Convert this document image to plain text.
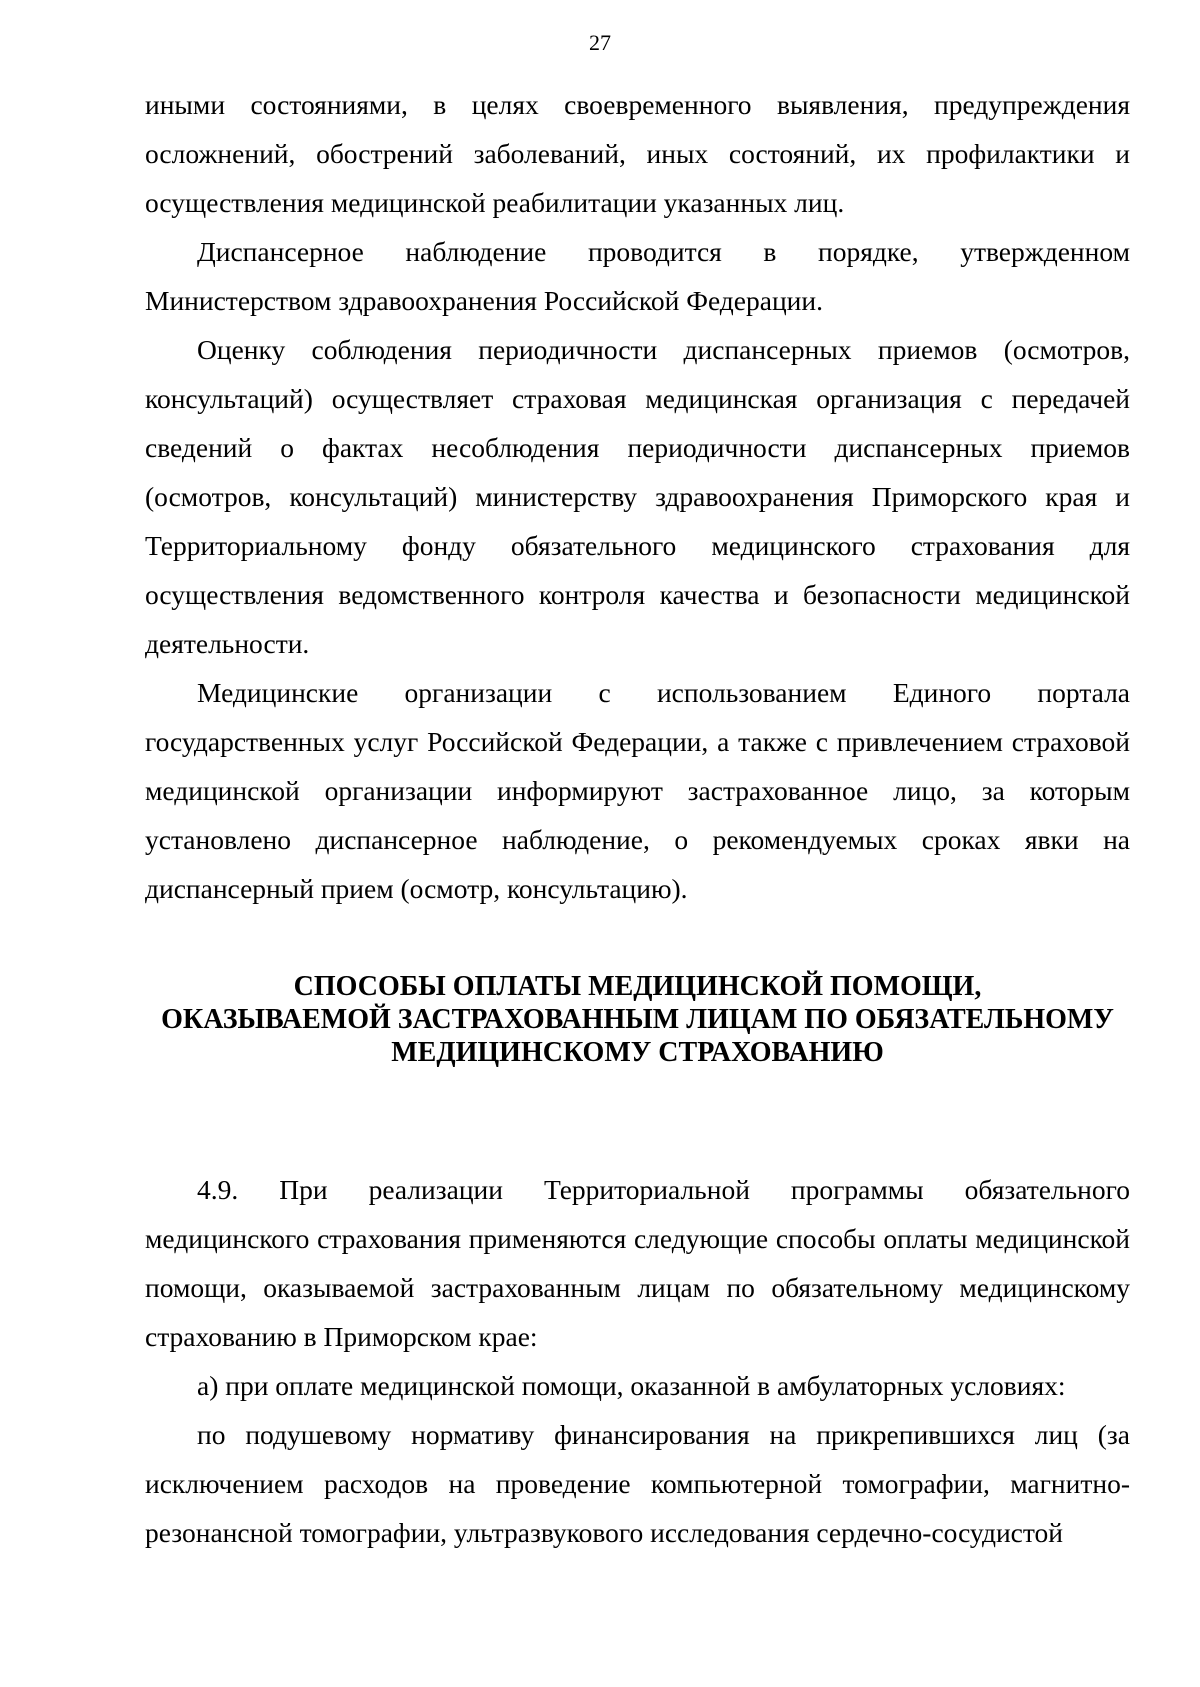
27

иными состояниями, в целях своевременного выявления, предупреждения осложнений, обострений заболеваний, иных состояний, их профилактики и осуществления медицинской реабилитации указанных лиц.

Диспансерное наблюдение проводится в порядке, утвержденном Министерством здравоохранения Российской Федерации.

Оценку соблюдения периодичности диспансерных приемов (осмотров, консультаций) осуществляет страховая медицинская организация с передачей сведений о фактах несоблюдения периодичности диспансерных приемов (осмотров, консультаций) министерству здравоохранения Приморского края и Территориальному фонду обязательного медицинского страхования для осуществления ведомственного контроля качества и безопасности медицинской деятельности.

Медицинские организации с использованием Единого портала государственных услуг Российской Федерации, а также с привлечением страховой медицинской организации информируют застрахованное лицо, за которым установлено диспансерное наблюдение, о рекомендуемых сроках явки на диспансерный прием (осмотр, консультацию).

СПОСОБЫ ОПЛАТЫ МЕДИЦИНСКОЙ ПОМОЩИ,
ОКАЗЫВАЕМОЙ ЗАСТРАХОВАННЫМ ЛИЦАМ ПО ОБЯЗАТЕЛЬНОМУ
МЕДИЦИНСКОМУ СТРАХОВАНИЮ

4.9. При реализации Территориальной программы обязательного медицинского страхования применяются следующие способы оплаты медицинской помощи, оказываемой застрахованным лицам по обязательному медицинскому страхованию в Приморском крае:

а) при оплате медицинской помощи, оказанной в амбулаторных условиях:

по подушевому нормативу финансирования на прикрепившихся лиц (за исключением расходов на проведение компьютерной томографии, магнитно-резонансной томографии, ультразвукового исследования сердечно-сосудистой
